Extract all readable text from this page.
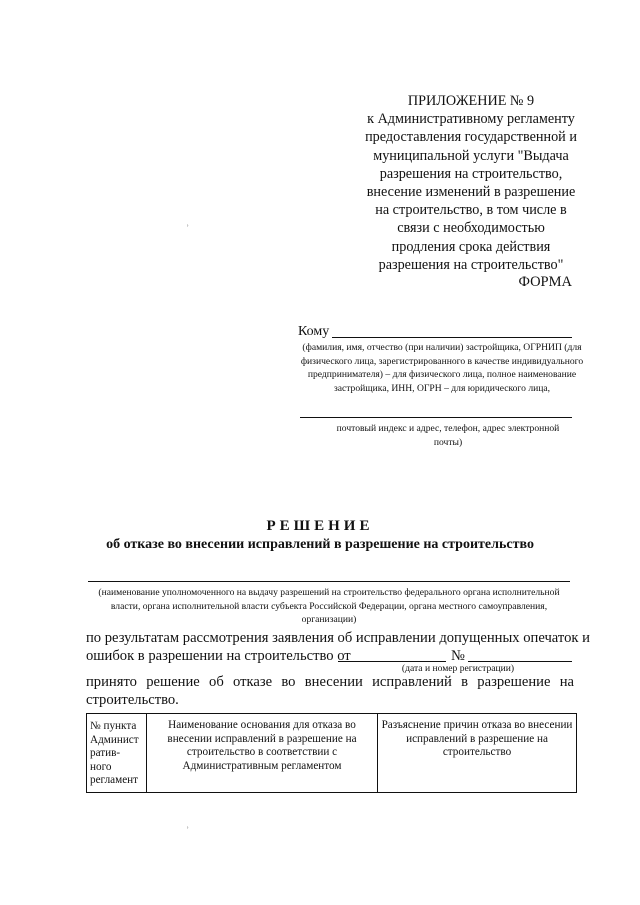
ПРИЛОЖЕНИЕ № 9
к Административному регламенту
предоставления государственной и
муниципальной услуги "Выдача
разрешения на строительство,
внесение изменений в разрешение
на строительство, в том числе в
связи с необходимостью
продления срока действия
разрешения на строительство"
ФОРМА
Кому
(фамилия, имя, отчество (при наличии) застройщика, ОГРНИП (для физического лица, зарегистрированного в качестве индивидуального предпринимателя) – для физического лица, полное наименование застройщика, ИНН, ОГРН – для юридического лица,
почтовый индекс и адрес, телефон, адрес электронной почты)
РЕШЕНИЕ
об отказе во внесении исправлений в разрешение на строительство
(наименование уполномоченного на выдачу разрешений на строительство федерального органа исполнительной власти, органа исполнительной власти субъекта Российской Федерации, органа местного самоуправления, организации)
по результатам рассмотрения заявления об исправлении допущенных опечаток и
ошибок в разрешении на строительство от	№
(дата и номер регистрации)
принято решение об отказе во внесении исправлений в разрешение на
строительство.
№ пункта Админист ратив- ного регламент	Наименование основания для отказа во внесении исправлений в разрешение на строительство в соответствии с Административным регламентом	Разъяснение причин отказа во внесении исправлений в разрешение на строительство
ʾ
ʾ
